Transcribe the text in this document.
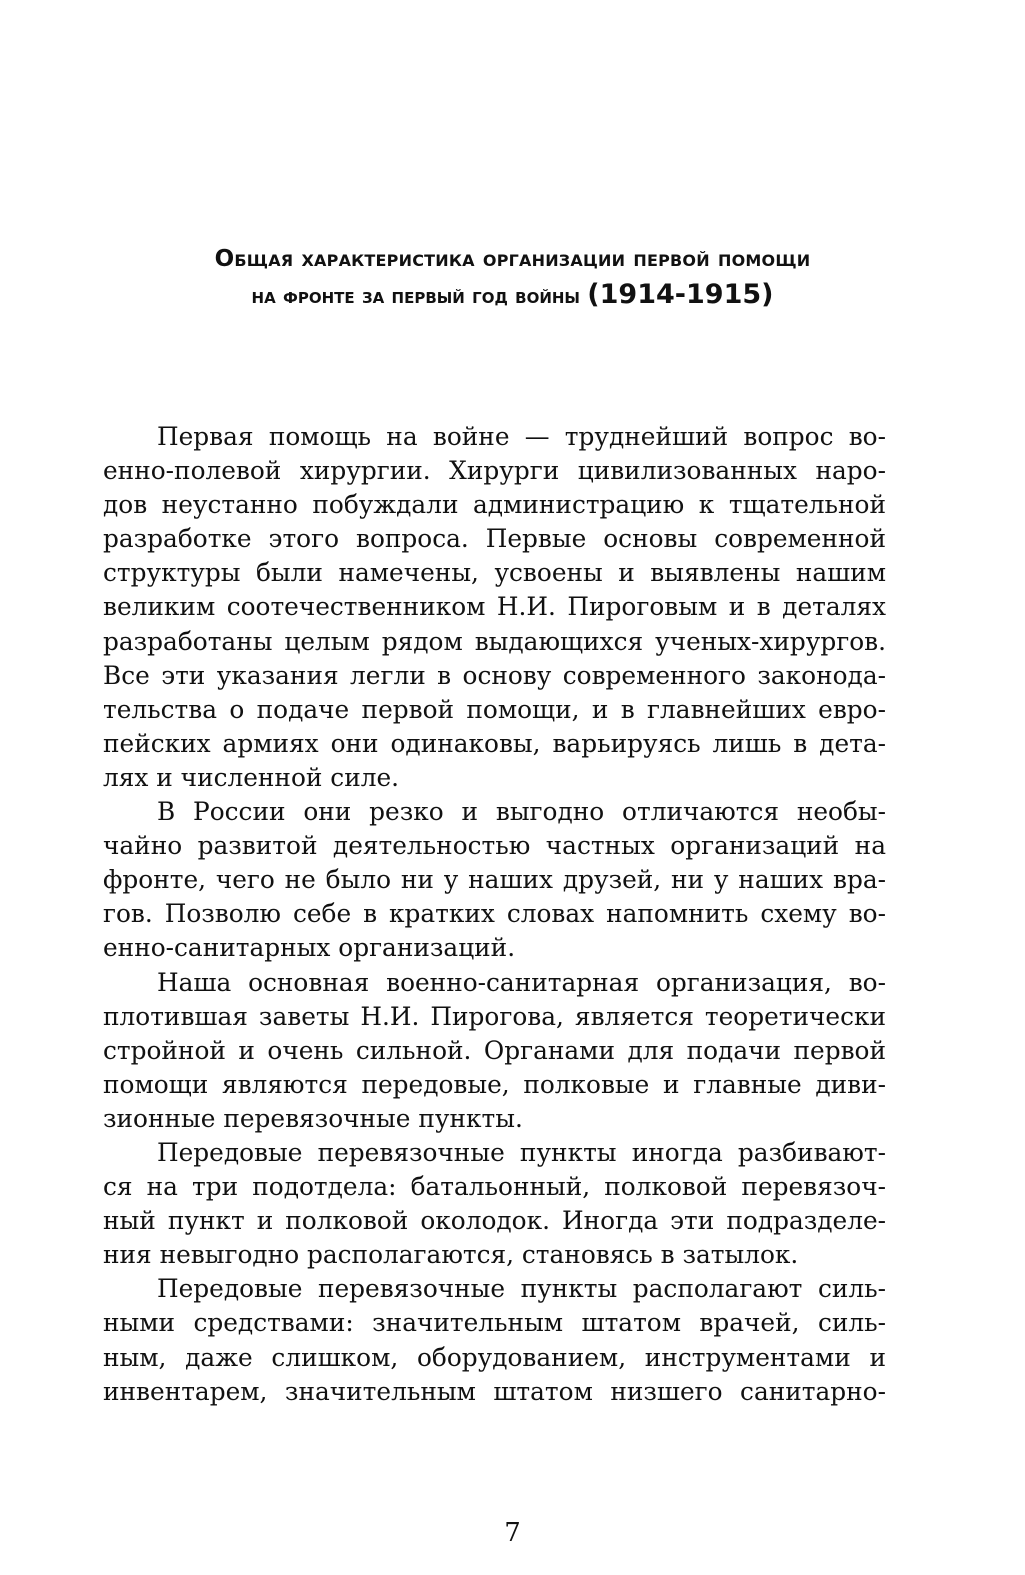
Общая характеристика организации первой помощи
на фронте за первый год войны (1914-1915)
Первая помощь на войне — труднейший вопрос во-
енно-полевой хирургии. Хирурги цивилизованных наро-
дов неустанно побуждали администрацию к тщательной
разработке этого вопроса. Первые основы современной
структуры были намечены, усвоены и выявлены нашим
великим соотечественником Н.И. Пироговым и в деталях
разработаны целым рядом выдающихся ученых-хирургов.
Все эти указания легли в основу современного законода-
тельства о подаче первой помощи, и в главнейших евро-
пейских армиях они одинаковы, варьируясь лишь в дета-
лях и численной силе.
В России они резко и выгодно отличаются необы-
чайно развитой деятельностью частных организаций на
фронте, чего не было ни у наших друзей, ни у наших вра-
гов. Позволю себе в кратких словах напомнить схему во-
енно-санитарных организаций.
Наша основная военно-санитарная организация, во-
плотившая заветы Н.И. Пирогова, является теоретически
стройной и очень сильной. Органами для подачи первой
помощи являются передовые, полковые и главные диви-
зионные перевязочные пункты.
Передовые перевязочные пункты иногда разбивают-
ся на три подотдела: батальонный, полковой перевязоч-
ный пункт и полковой околодок. Иногда эти подразделе-
ния невыгодно располагаются, становясь в затылок.
Передовые перевязочные пункты располагают силь-
ными средствами: значительным штатом врачей, силь-
ным, даже слишком, оборудованием, инструментами и
инвентарем, значительным штатом низшего санитарно-
7
